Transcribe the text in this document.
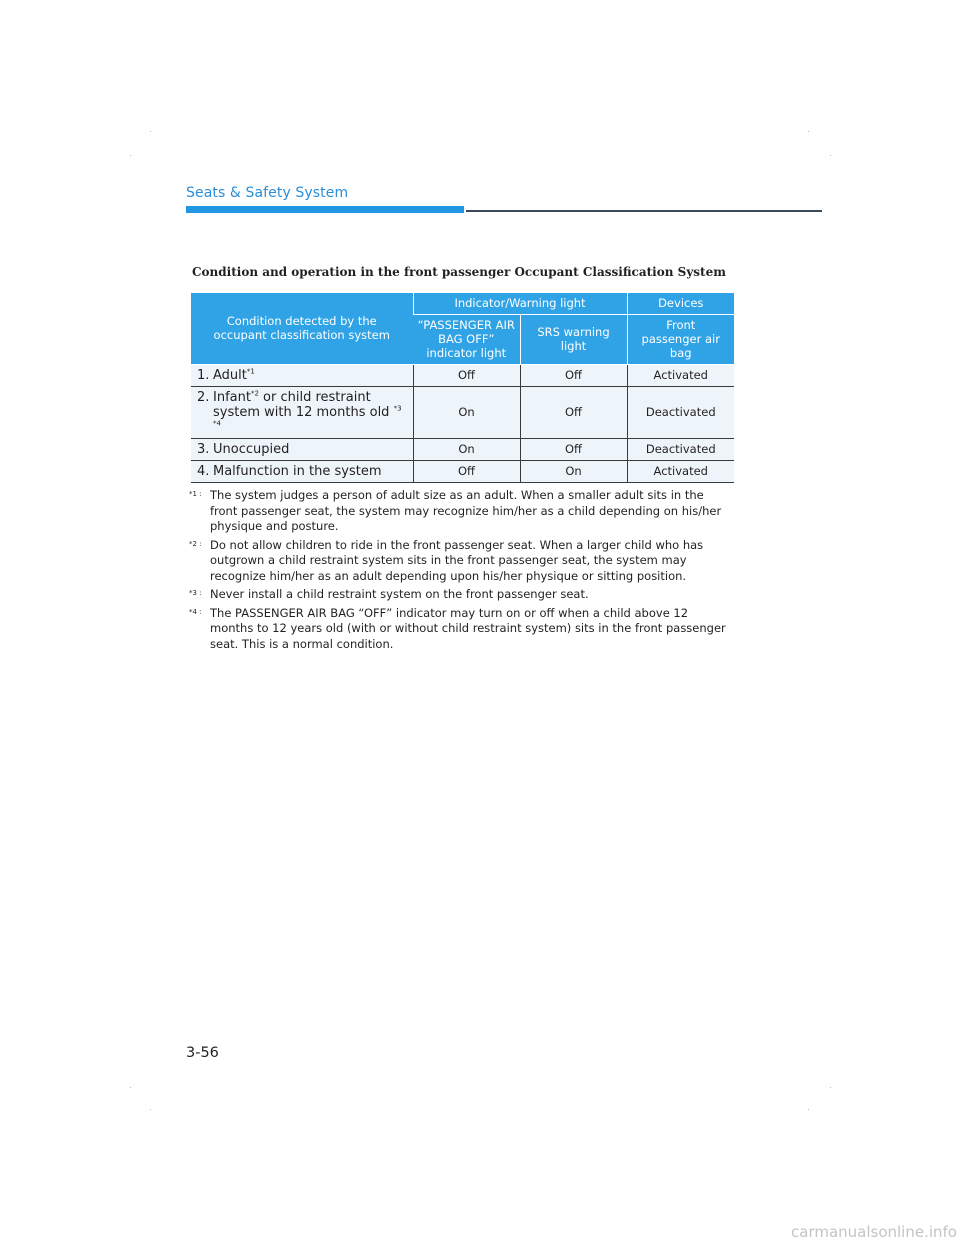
Seats & Safety System
Condition and operation in the front passenger Occupant Classification System
Condition detected by the occupant classification system	Indicator/Warning light		Devices
	“PASSENGER AIR BAG OFF” indicator light	SRS warning light	Front passenger air bag

1. Adult$^{*1}$	Off	Off	Activated

2. Infant$^{*2}$ or child restraint
system with 12 months old $^{*3 *4}$	On	Off	Deactivated

3. Unoccupied	On	Off	Deactivated

4. Malfunction in the system	Off	On	Activated
*1 : The system judges a person of adult size as an adult. When a smaller adult sits in the front passenger seat, the system may recognize him/her as a child depending on his/her physique and posture.
*2 : Do not allow children to ride in the front passenger seat. When a larger child who has outgrown a child restraint system sits in the front passenger seat, the system may recognize him/her as an adult depending upon his/her physique or sitting position.
*3 : Never install a child restraint system on the front passenger seat.
*4 : The PASSENGER AIR BAG “OFF” indicator may turn on or off when a child above 12 months to 12 years old (with or without child restraint system) sits in the front passenger seat. This is a normal condition.
3-56
carmanualsonline.info
